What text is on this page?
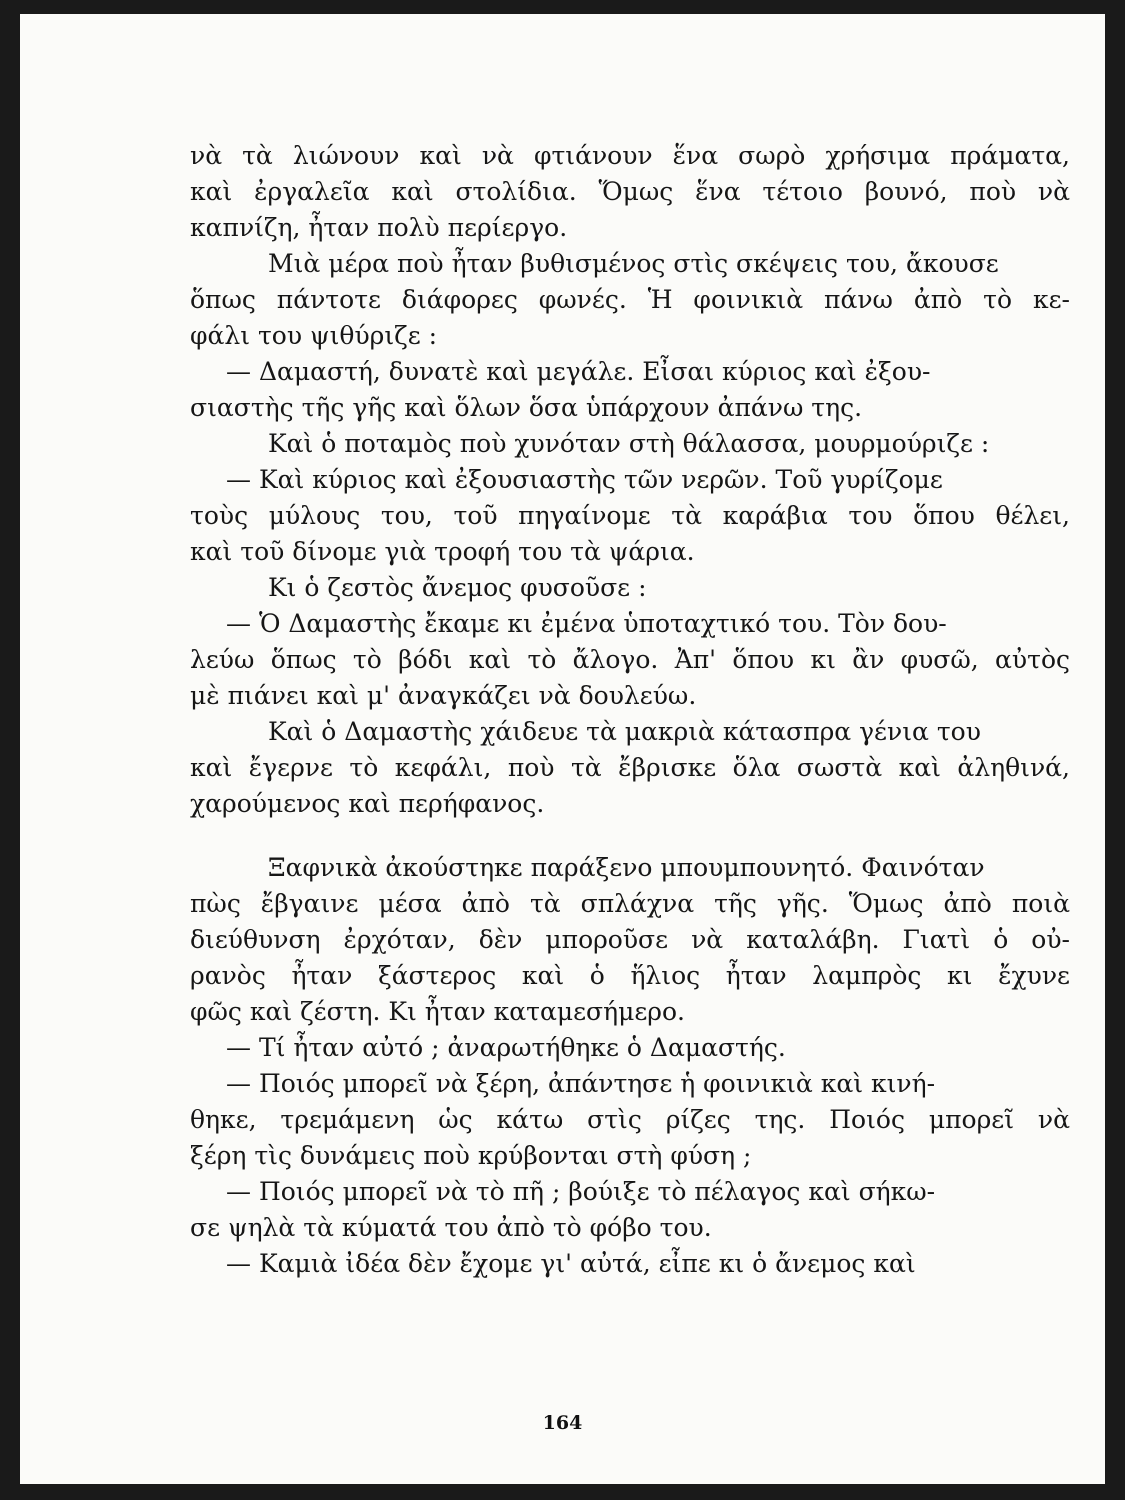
νὰ τὰ λιώνουν καὶ νὰ φτιάνουν ἕνα σωρὸ χρήσιμα πράματα,
καὶ ἐργαλεῖα καὶ στολίδια. Ὅμως ἕνα τέτοιο βουνό, ποὺ νὰ
καπνίζη, ἦταν πολὺ περίεργο.
Μιὰ μέρα ποὺ ἦταν βυθισμένος στὶς σκέψεις του, ἄκουσε
ὅπως πάντοτε διάφορες φωνές. Ἡ φοινικιὰ πάνω ἀπὸ τὸ κε-
φάλι του ψιθύριζε :
— Δαμαστή, δυνατὲ καὶ μεγάλε. Εἶσαι κύριος καὶ ἐξου-
σιαστὴς τῆς γῆς καὶ ὅλων ὅσα ὑπάρχουν ἀπάνω της.
Καὶ ὁ ποταμὸς ποὺ χυνόταν στὴ θάλασσα, μουρμούριζε :
— Καὶ κύριος καὶ ἐξουσιαστὴς τῶν νερῶν. Τοῦ γυρίζομε
τοὺς μύλους του, τοῦ πηγαίνομε τὰ καράβια του ὅπου θέλει,
καὶ τοῦ δίνομε γιὰ τροφή του τὰ ψάρια.
Κι ὁ ζεστὸς ἄνεμος φυσοῦσε :
— Ὁ Δαμαστὴς ἔκαμε κι ἐμένα ὑποταχτικό του. Τὸν δου-
λεύω ὅπως τὸ βόδι καὶ τὸ ἄλογο. Ἀπ' ὅπου κι ἂν φυσῶ, αὐτὸς
μὲ πιάνει καὶ μ' ἀναγκάζει νὰ δουλεύω.
Καὶ ὁ Δαμαστὴς χάιδευε τὰ μακριὰ κάτασπρα γένια του
καὶ ἔγερνε τὸ κεφάλι, ποὺ τὰ ἔβρισκε ὅλα σωστὰ καὶ ἀληθινά,
χαρούμενος καὶ περήφανος.
Ξαφνικὰ ἀκούστηκε παράξενο μπουμπουνητό. Φαινόταν
πὼς ἔβγαινε μέσα ἀπὸ τὰ σπλάχνα τῆς γῆς. Ὅμως ἀπὸ ποιὰ
διεύθυνση ἐρχόταν, δὲν μποροῦσε νὰ καταλάβη. Γιατὶ ὁ οὐ-
ρανὸς ἦταν ξάστερος καὶ ὁ ἥλιος ἦταν λαμπρὸς κι ἔχυνε
φῶς καὶ ζέστη. Κι ἦταν καταμεσήμερο.
— Τί ἦταν αὐτό ; ἀναρωτήθηκε ὁ Δαμαστής.
— Ποιός μπορεῖ νὰ ξέρη, ἀπάντησε ἡ φοινικιὰ καὶ κινή-
θηκε, τρεμάμενη ὡς κάτω στὶς ρίζες της. Ποιός μπορεῖ νὰ
ξέρη τὶς δυνάμεις ποὺ κρύβονται στὴ φύση ;
— Ποιός μπορεῖ νὰ τὸ πῆ ; βούιξε τὸ πέλαγος καὶ σήκω-
σε ψηλὰ τὰ κύματά του ἀπὸ τὸ φόβο του.
— Καμιὰ ἰδέα δὲν ἔχομε γι' αὐτά, εἶπε κι ὁ ἄνεμος καὶ
164
